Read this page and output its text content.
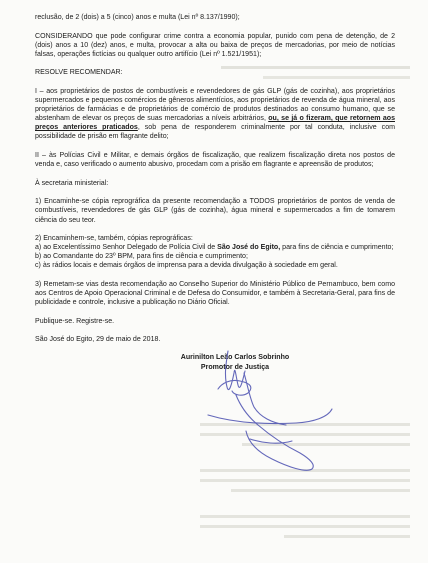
reclusão, de 2 (dois) a 5 (cinco) anos e multa (Lei nº 8.137/1990);

CONSIDERANDO que pode configurar crime contra a economia popular, punido com pena de detenção, de 2 (dois) anos a 10 (dez) anos, e multa, provocar a alta ou baixa de preços de mercadorias, por meio de notícias falsas, operações fictícias ou qualquer outro artifício (Lei nº 1.521/1951);

RESOLVE RECOMENDAR:

I – aos proprietários de postos de combustíveis e revendedores de gás GLP (gás de cozinha), aos proprietários supermercados e pequenos comércios de gêneros alimentícios, aos proprietários de revenda de água mineral, aos proprietários de farmácias e de proprietários de comércio de produtos destinados ao consumo humano, que se abstenham de elevar os preços de suas mercadorias a níveis arbitrários, ou, se já o fizeram, que retornem aos preços anteriores praticados, sob pena de responderem criminalmente por tal conduta, inclusive com possibilidade de prisão em flagrante delito;

II – às Polícias Civil e Militar, e demais órgãos de fiscalização, que realizem fiscalização direta nos postos de venda e, caso verificado o aumento abusivo, procedam com a prisão em flagrante e apreensão de produtos;

À secretaria ministerial:

1) Encaminhe-se cópia reprográfica da presente recomendação a TODOS proprietários de pontos de venda de combustíveis, revendedores de gás GLP (gás de cozinha), água mineral e supermercados a fim de tomarem ciência do seu teor.

2) Encaminhem-se, também, cópias reprográficas:

a) ao Excelentíssimo Senhor Delegado de Polícia Civil de São José do Egito, para fins de ciência e cumprimento;

b) ao Comandante do 23º BPM, para fins de ciência e cumprimento;

c) às rádios locais e demais órgãos de imprensa para a devida divulgação à sociedade em geral.

3) Remetam-se vias desta recomendação ao Conselho Superior do Ministério Público de Pernambuco, bem como aos Centros de Apoio Operacional Criminal e de Defesa do Consumidor, e também à Secretaria-Geral, para fins de publicidade e controle, inclusive a publicação no Diário Oficial.

Publique-se. Registre-se.

São José do Egito, 29 de maio de 2018.

Aurinilton Leão Carlos Sobrinho
Promotor de Justiça
